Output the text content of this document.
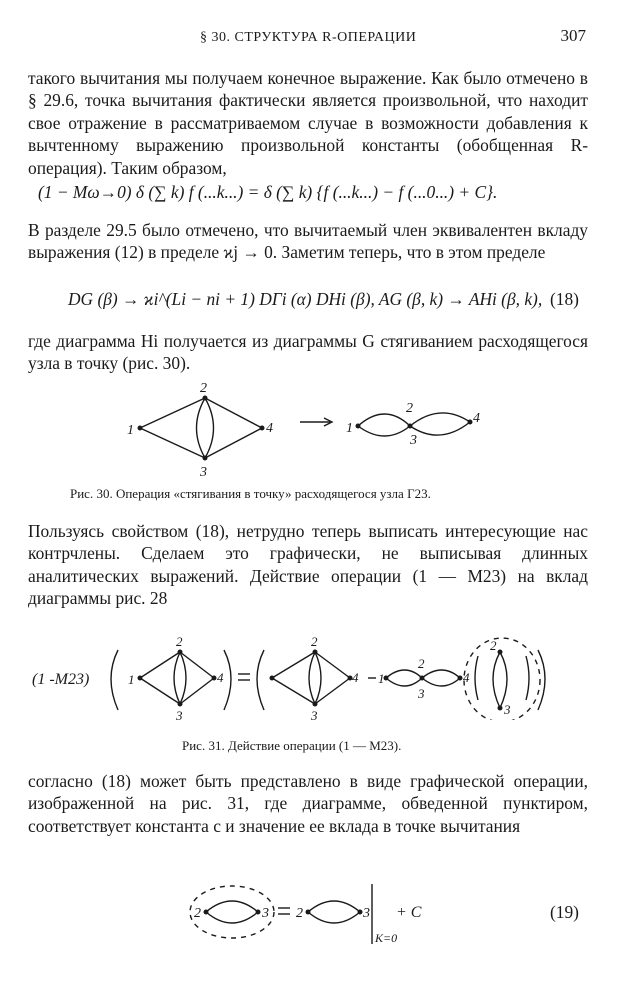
§ 30. СТРУКТУРА R-ОПЕРАЦИИ	307
такого вычитания мы получаем конечное выражение. Как было отмечено в § 29.6, точка вычитания фактически является произвольной, что находит свое отражение в рассматриваемом случае в возможности добавления к вычтенному выражению произвольной константы (обобщенная R-операция). Таким образом,
(1 − Mω→0) δ (∑ k) f (...k...) = δ (∑ k) {f (...k...) − f (...0...) + C}.
В разделе 29.5 было отмечено, что вычитаемый член эквивалентен вкладу выражения (12) в пределе ϰj → 0. Заметим теперь, что в этом пределе
DG (β) → ϰi^(Li − ni + 1) DΓi (α) DHi (β), AG (β, k) → AHi (β, k), (18)
где диаграмма Hi получается из диаграммы G стягиванием расходящегося узла в точку (рис. 30).
1
2
3
4	1
2
3
4
Рис. 30. Операция «стягивания в точку» расходящегося узла Γ23.
Пользуясь свойством (18), нетрудно теперь выписать интересующие нас контрчлены. Сделаем это графически, не выписывая длинных аналитических выражений. Действие операции (1 — M23) на вклад диаграммы рис. 28
(1 -M23)	1
2
3
4
2
3
4 1
2
3
4
2
3
Рис. 31. Действие операции (1 — M23).
согласно (18) может быть представлено в виде графической операции, изображенной на рис. 31, где диаграмме, обведенной пунктиром, соответствует константа c и значение ее вклада в точке вычитания
2	3 2	3 + C
K=0
(19)
